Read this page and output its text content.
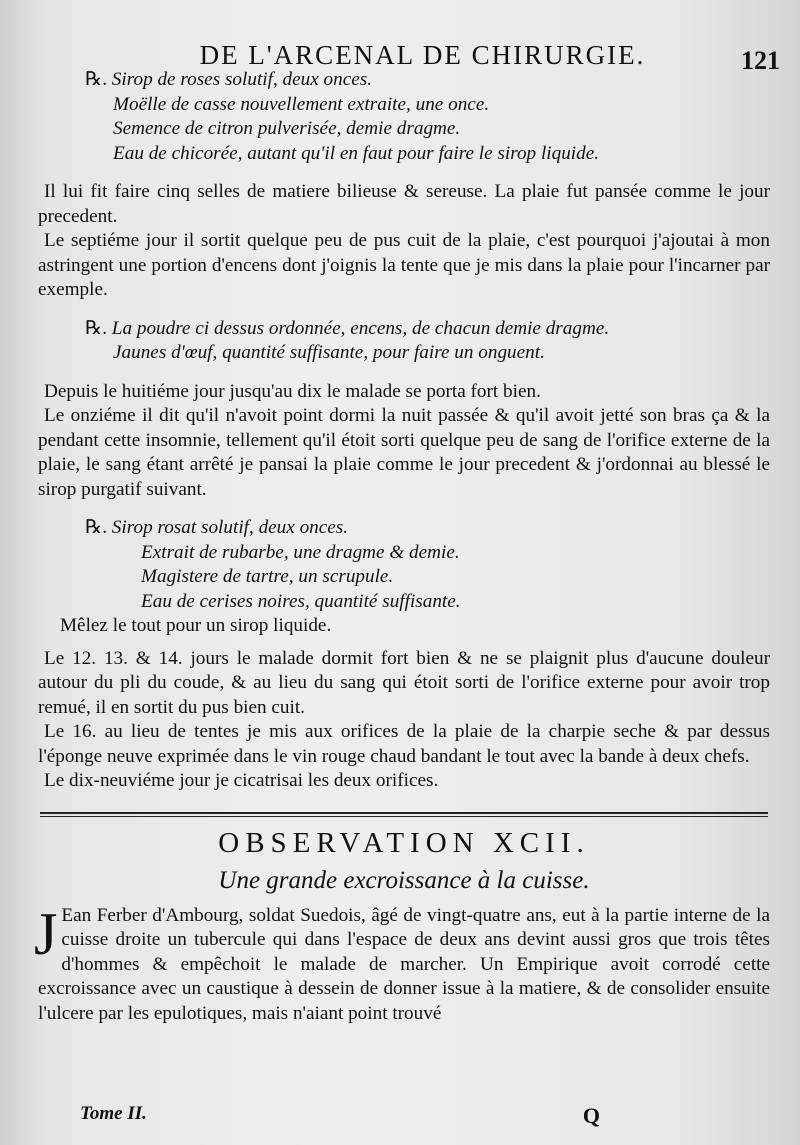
DE L'ARCENAL DE CHIRURGIE.	121
℞. Sirop de roses solutif, deux onces.
Moëlle de casse nouvellement extraite, une once.
Semence de citron pulverisée, demie dragme.
Eau de chicorée, autant qu'il en faut pour faire le sirop liquide.

Il lui fit faire cinq selles de matiere bilieuse & sereuse. La plaie fut pansée comme le jour precedent.

Le septiéme jour il sortit quelque peu de pus cuit de la plaie, c'est pourquoi j'ajoutai à mon astringent une portion d'encens dont j'oignis la tente que je mis dans la plaie pour l'incarner par exemple.

℞. La poudre ci dessus ordonnée, encens, de chacun demie dragme.
Jaunes d'œuf, quantité suffisante, pour faire un onguent.

Depuis le huitiéme jour jusqu'au dix le malade se porta fort bien.

Le onziéme il dit qu'il n'avoit point dormi la nuit passée & qu'il avoit jetté son bras ça & la pendant cette insomnie, tellement qu'il étoit sorti quelque peu de sang de l'orifice externe de la plaie, le sang étant arrêté je pansai la plaie comme le jour precedent & j'ordonnai au blessé le sirop purgatif suivant.

℞. Sirop rosat solutif, deux onces.
Extrait de rubarbe, une dragme & demie.
Magistere de tartre, un scrupule.
Eau de cerises noires, quantité suffisante.

Mêlez le tout pour un sirop liquide.

Le 12. 13. & 14. jours le malade dormit fort bien & ne se plaignit plus d'aucune douleur autour du pli du coude, & au lieu du sang qui étoit sorti de l'orifice externe pour avoir trop remué, il en sortit du pus bien cuit.

Le 16. au lieu de tentes je mis aux orifices de la plaie de la charpie seche & par dessus l'éponge neuve exprimée dans le vin rouge chaud bandant le tout avec la bande à deux chefs.

Le dix-neuviéme jour je cicatrisai les deux orifices.

OBSERVATION XCII.
Une grande excroissance à la cuisse.

J Ean Ferber d'Ambourg, soldat Suedois, âgé de vingt-quatre ans, eut à la partie interne de la cuisse droite un tubercule qui dans l'espace de deux ans devint aussi gros que trois têtes d'hommes & empêchoit le malade de marcher. Un Empirique avoit corrodé cette excroissance avec un caustique à dessein de donner issue à la matiere, & de consolider ensuite l'ulcere par les epulotiques, mais n'aiant point trouvé

Tome II.	Q
